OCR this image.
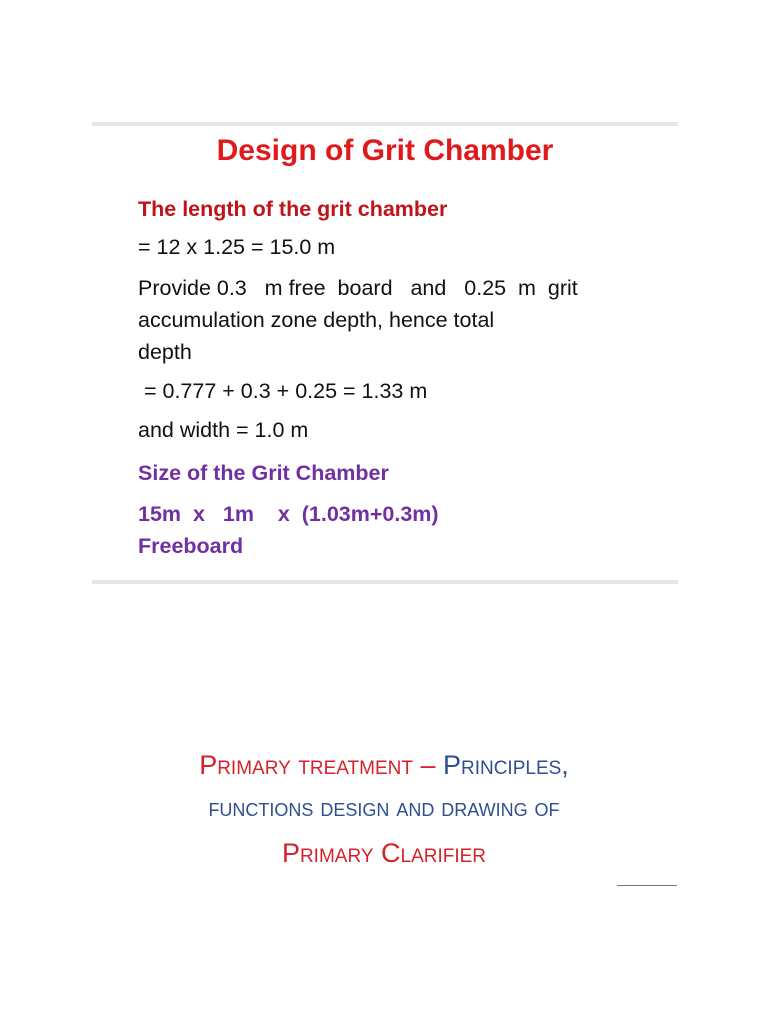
Design of Grit Chamber
The length of the grit chamber
= 12 x 1.25 = 15.0 m
Provide 0.3   m free  board   and   0.25  m  grit
accumulation zone depth, hence total
depth
= 0.777 + 0.3 + 0.25 = 1.33 m
and width = 1.0 m
Size of the Grit Chamber
15m  x   1m    x  (1.03m+0.3m)
Freeboard
Primary treatment – Principles,
functions design and drawing of
Primary Clarifier
